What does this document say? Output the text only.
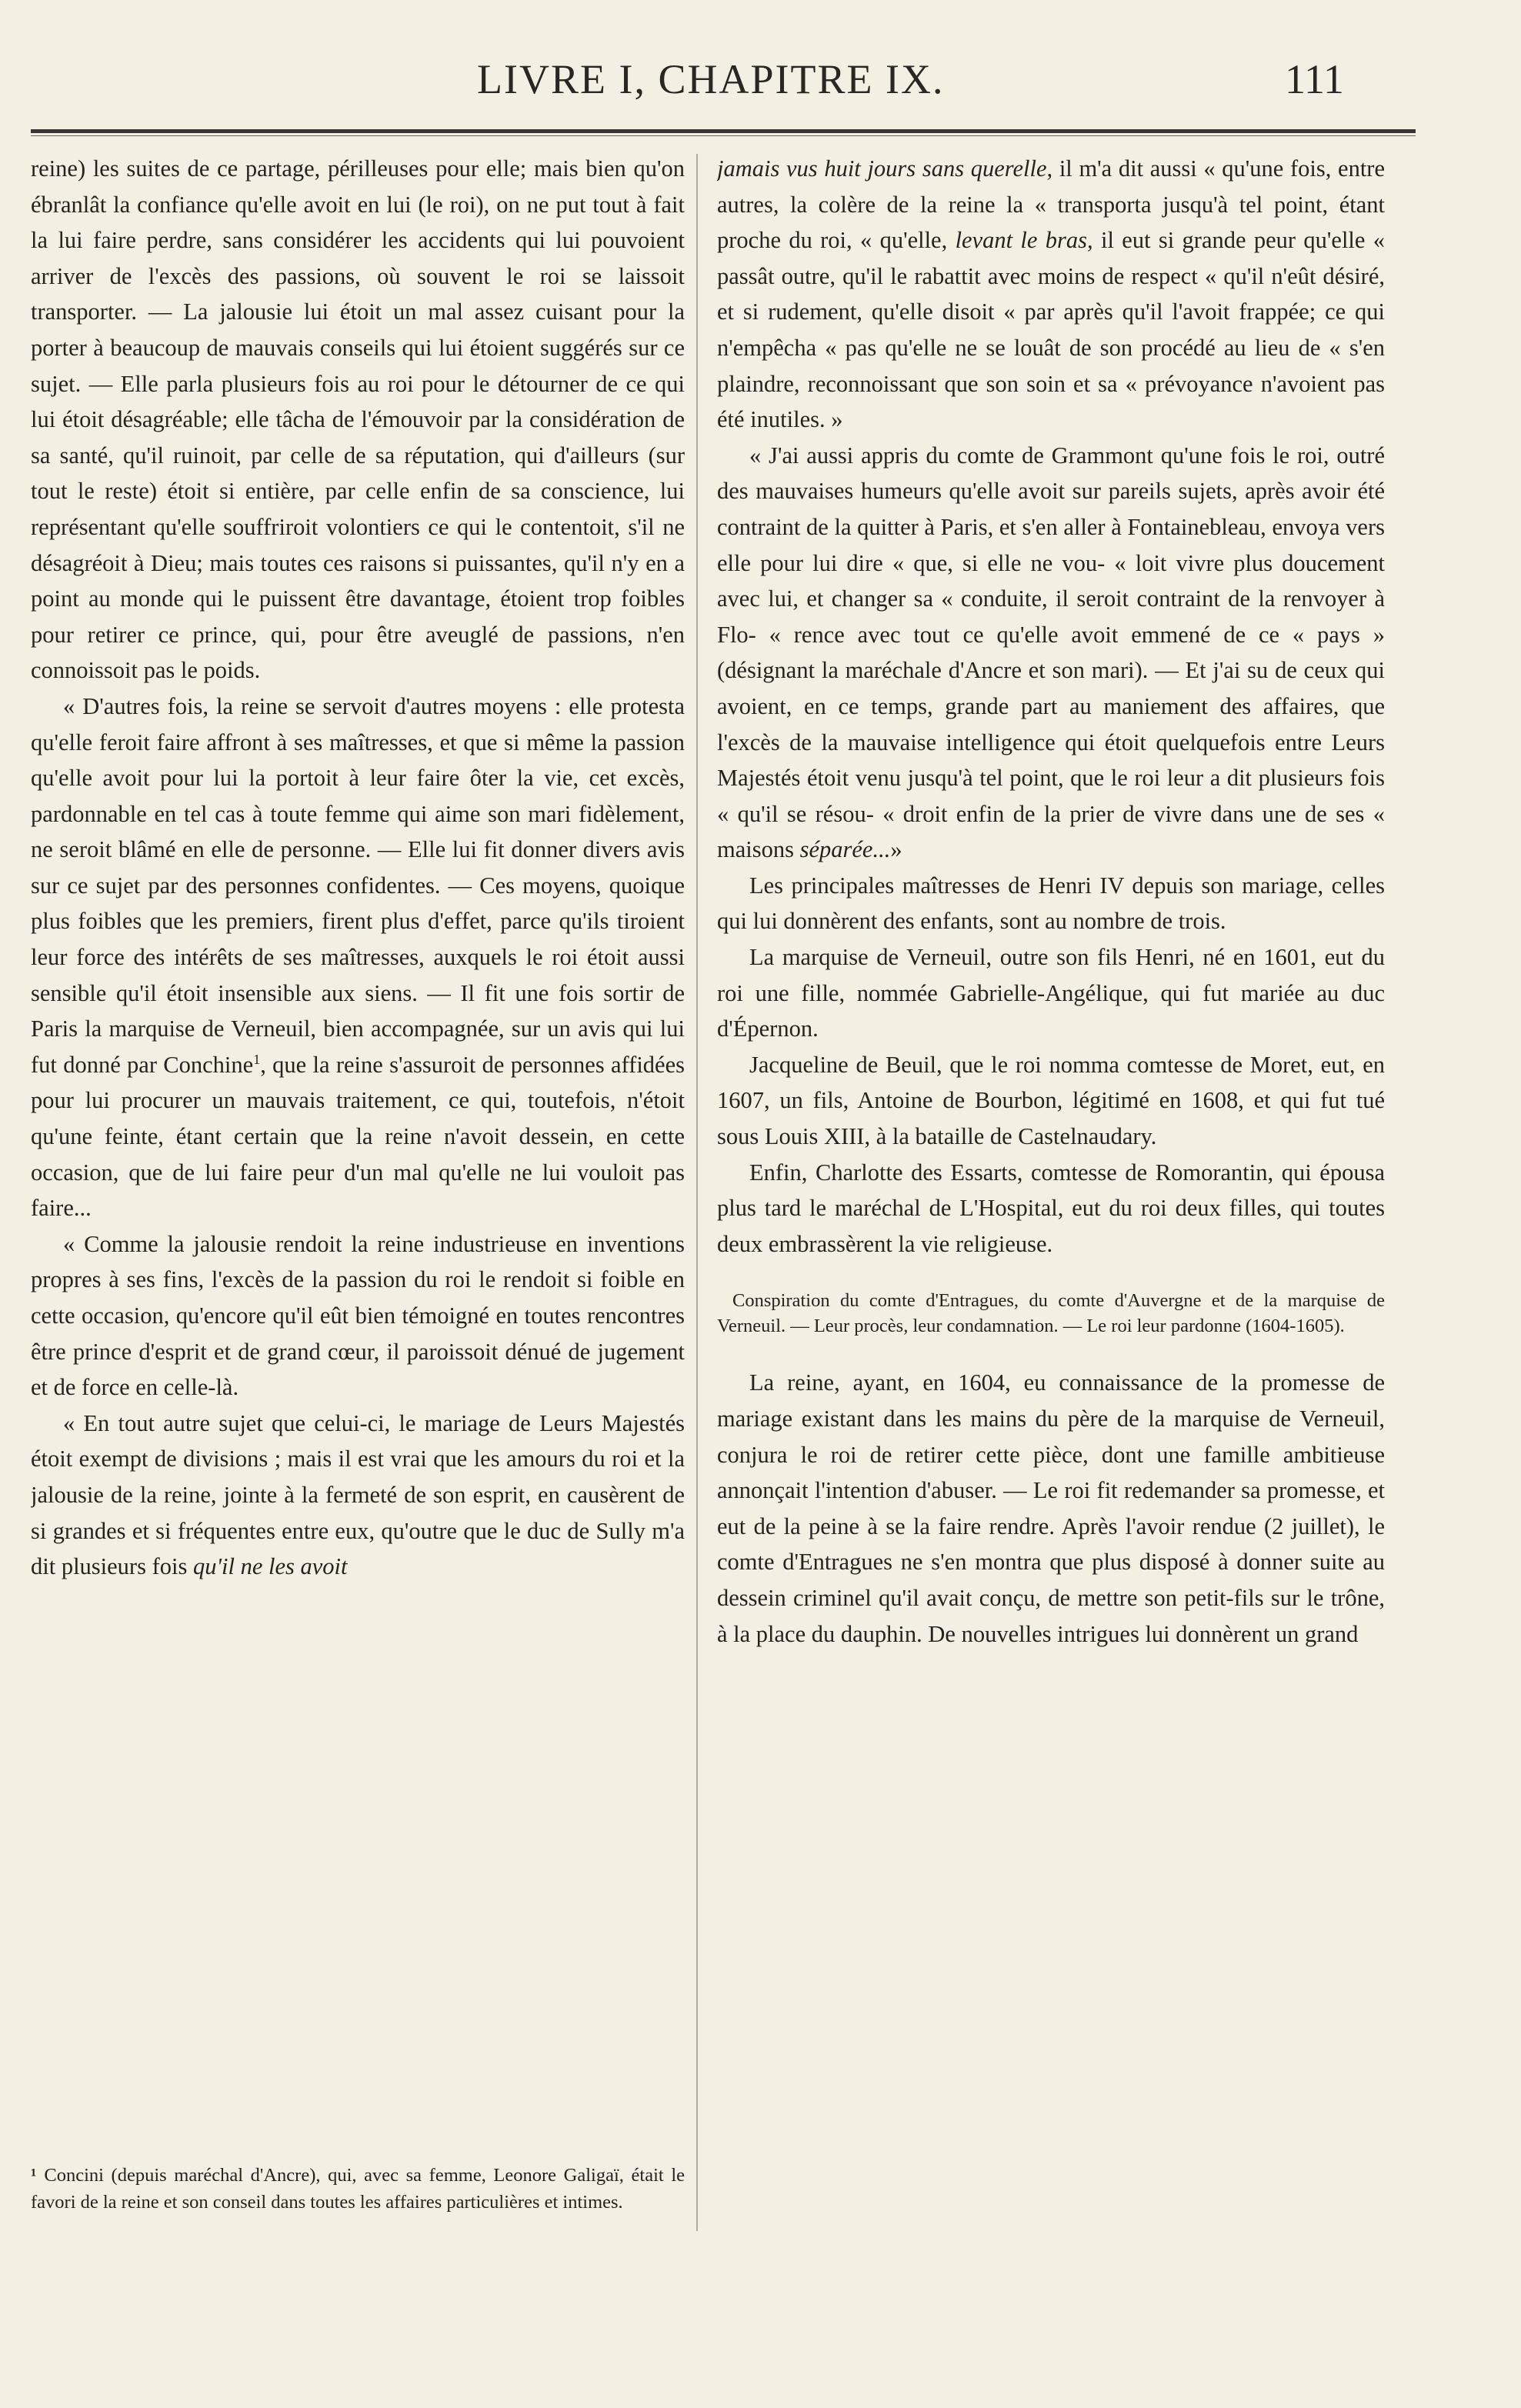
LIVRE I, CHAPITRE IX.	111

reine) les suites de ce partage, périlleuses pour elle; mais bien qu'on ébranlât la confiance qu'elle avoit en lui (le roi), on ne put tout à fait la lui faire perdre, sans considérer les accidents qui lui pouvoient arriver de l'excès des passions, où souvent le roi se laissoit transporter. — La jalousie lui étoit un mal assez cuisant pour la porter à beaucoup de mauvais conseils qui lui étoient suggérés sur ce sujet. — Elle parla plusieurs fois au roi pour le détourner de ce qui lui étoit désagréable; elle tâcha de l'émouvoir par la considération de sa santé, qu'il ruinoit, par celle de sa réputation, qui d'ailleurs (sur tout le reste) étoit si entière, par celle enfin de sa conscience, lui représentant qu'elle souffriroit volontiers ce qui le contentoit, s'il ne désagréoit à Dieu; mais toutes ces raisons si puissantes, qu'il n'y en a point au monde qui le puissent être davantage, étoient trop foibles pour retirer ce prince, qui, pour être aveuglé de passions, n'en connoissoit pas le poids.

« D'autres fois, la reine se servoit d'autres moyens : elle protesta qu'elle feroit faire affront à ses maîtresses, et que si même la passion qu'elle avoit pour lui la portoit à leur faire ôter la vie, cet excès, pardonnable en tel cas à toute femme qui aime son mari fidèlement, ne seroit blâmé en elle de personne. — Elle lui fit donner divers avis sur ce sujet par des personnes confidentes. — Ces moyens, quoique plus foibles que les premiers, firent plus d'effet, parce qu'ils tiroient leur force des intérêts de ses maîtresses, auxquels le roi étoit aussi sensible qu'il étoit insensible aux siens. — Il fit une fois sortir de Paris la marquise de Verneuil, bien accompagnée, sur un avis qui lui fut donné par Conchine$^1$, que la reine s'assuroit de personnes affidées pour lui procurer un mauvais traitement, ce qui, toutefois, n'étoit qu'une feinte, étant certain que la reine n'avoit dessein, en cette occasion, que de lui faire peur d'un mal qu'elle ne lui vouloit pas faire...

« Comme la jalousie rendoit la reine industrieuse en inventions propres à ses fins, l'excès de la passion du roi le rendoit si foible en cette occasion, qu'encore qu'il eût bien témoigné en toutes rencontres être prince d'esprit et de grand cœur, il paroissoit dénué de jugement et de force en celle-là.

« En tout autre sujet que celui-ci, le mariage de Leurs Majestés étoit exempt de divisions ; mais il est vrai que les amours du roi et la jalousie de la reine, jointe à la fermeté de son esprit, en causèrent de si grandes et si fréquentes entre eux, qu'outre que le duc de Sully m'a dit plusieurs fois qu'il ne les avoit

¹ Concini (depuis maréchal d'Ancre), qui, avec sa femme, Leonore Galigaï, était le favori de la reine et son conseil dans toutes les affaires particulières et intimes.

jamais vus huit jours sans querelle, il m'a dit aussi « qu'une fois, entre autres, la colère de la reine la « transporta jusqu'à tel point, étant proche du roi, « qu'elle, levant le bras, il eut si grande peur qu'elle « passât outre, qu'il le rabattit avec moins de respect « qu'il n'eût désiré, et si rudement, qu'elle disoit « par après qu'il l'avoit frappée; ce qui n'empêcha « pas qu'elle ne se louât de son procédé au lieu de « s'en plaindre, reconnoissant que son soin et sa « prévoyance n'avoient pas été inutiles. »

« J'ai aussi appris du comte de Grammont qu'une fois le roi, outré des mauvaises humeurs qu'elle avoit sur pareils sujets, après avoir été contraint de la quitter à Paris, et s'en aller à Fontainebleau, envoya vers elle pour lui dire « que, si elle ne vou- « loit vivre plus doucement avec lui, et changer sa « conduite, il seroit contraint de la renvoyer à Flo- « rence avec tout ce qu'elle avoit emmené de ce « pays » (désignant la maréchale d'Ancre et son mari). — Et j'ai su de ceux qui avoient, en ce temps, grande part au maniement des affaires, que l'excès de la mauvaise intelligence qui étoit quelquefois entre Leurs Majestés étoit venu jusqu'à tel point, que le roi leur a dit plusieurs fois « qu'il se résou- « droit enfin de la prier de vivre dans une de ses « maisons séparée...»

Les principales maîtresses de Henri IV depuis son mariage, celles qui lui donnèrent des enfants, sont au nombre de trois.

La marquise de Verneuil, outre son fils Henri, né en 1601, eut du roi une fille, nommée Gabrielle-Angélique, qui fut mariée au duc d'Épernon.

Jacqueline de Beuil, que le roi nomma comtesse de Moret, eut, en 1607, un fils, Antoine de Bourbon, légitimé en 1608, et qui fut tué sous Louis XIII, à la bataille de Castelnaudary.

Enfin, Charlotte des Essarts, comtesse de Romorantin, qui épousa plus tard le maréchal de L'Hospital, eut du roi deux filles, qui toutes deux embrassèrent la vie religieuse.

Conspiration du comte d'Entragues, du comte d'Auvergne et de la marquise de Verneuil. — Leur procès, leur condamnation. — Le roi leur pardonne (1604-1605).

La reine, ayant, en 1604, eu connaissance de la promesse de mariage existant dans les mains du père de la marquise de Verneuil, conjura le roi de retirer cette pièce, dont une famille ambitieuse annonçait l'intention d'abuser. — Le roi fit redemander sa promesse, et eut de la peine à se la faire rendre. Après l'avoir rendue (2 juillet), le comte d'Entragues ne s'en montra que plus disposé à donner suite au dessein criminel qu'il avait conçu, de mettre son petit-fils sur le trône, à la place du dauphin. De nouvelles intrigues lui donnèrent un grand
